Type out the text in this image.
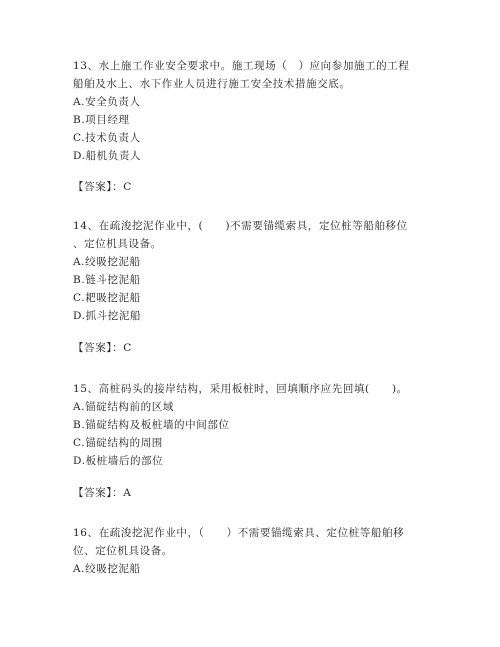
13、水上施工作业安全要求中。施工现场（　）应向参加施工的工程

船舶及水上、水下作业人员进行施工安全技术措施交底。

A.安全负责人

B.项目经理

C.技术负责人

D.船机负责人

【答案】：C

14、在疏浚挖泥作业中，(　　)不需要锚缆索具，定位桩等船舶移位

、定位机具设备。

A.绞吸挖泥船

B.链斗挖泥船

C.耙吸挖泥船

D.抓斗挖泥船

【答案】：C

15、高桩码头的接岸结构，采用板桩时，回填顺序应先回填(　　)。

A.锚碇结构前的区域

B.锚碇结构及板桩墙的中间部位

C.锚碇结构的周围

D.板桩墙后的部位

【答案】：A

16、在疏浚挖泥作业中，（　　）不需要锚缆索具、定位桩等船舶移

位、定位机具设备。

A.绞吸挖泥船
